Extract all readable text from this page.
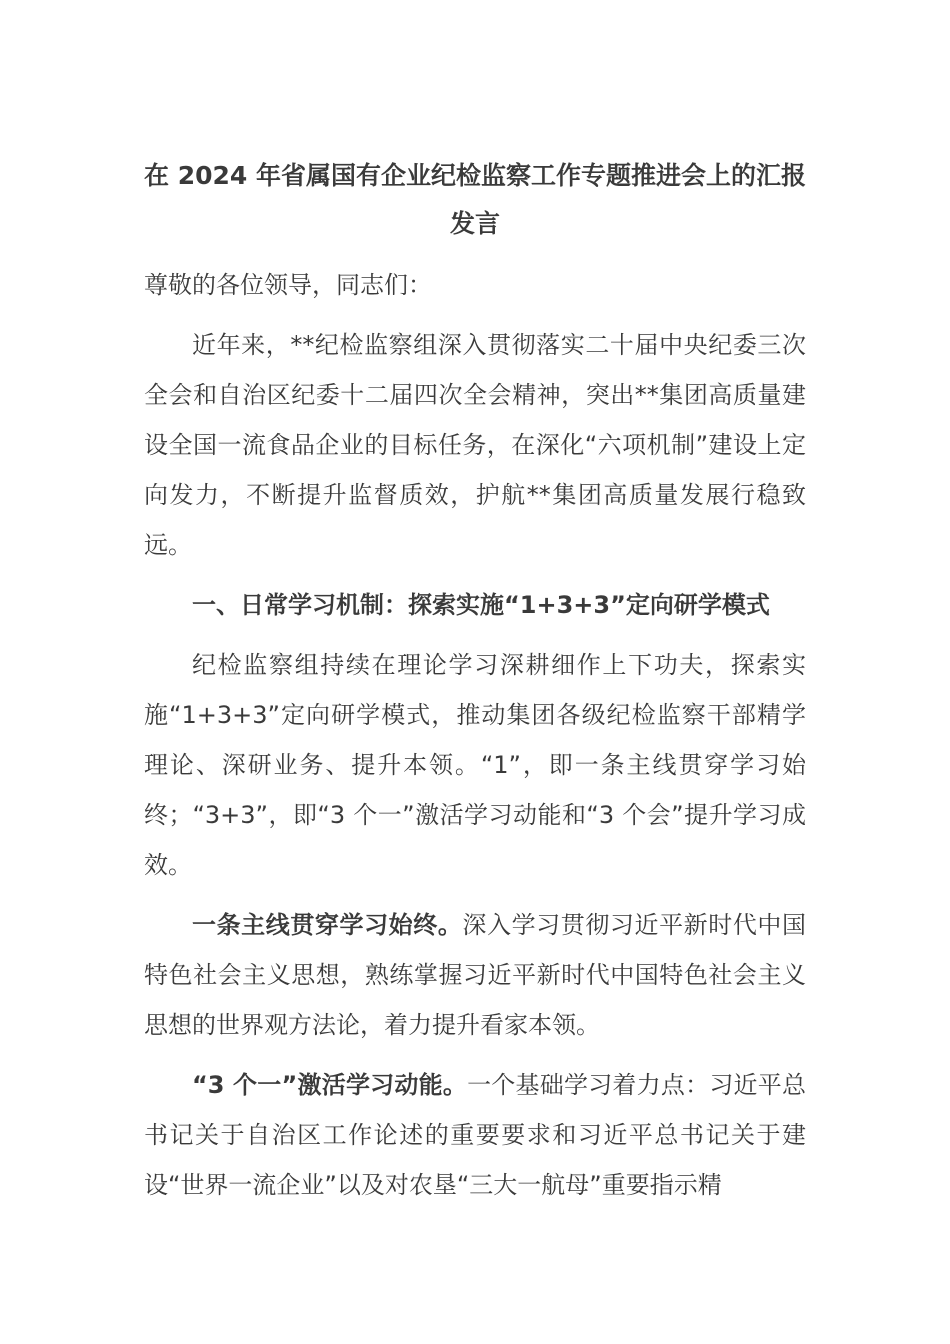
在 2024 年省属国有企业纪检监察工作专题推进会上的汇报发言
尊敬的各位领导，同志们：

近年来，**纪检监察组深入贯彻落实二十届中央纪委三次全会和自治区纪委十二届四次全会精神，突出**集团高质量建设全国一流食品企业的目标任务，在深化“六项机制”建设上定向发力，不断提升监督质效，护航**集团高质量发展行稳致远。

一、日常学习机制：探索实施“1+3+3”定向研学模式

纪检监察组持续在理论学习深耕细作上下功夫，探索实施“1+3+3”定向研学模式，推动集团各级纪检监察干部精学理论、深研业务、提升本领。“1”，即一条主线贯穿学习始终；“3+3”，即“3 个一”激活学习动能和“3 个会”提升学习成效。

一条主线贯穿学习始终。深入学习贯彻习近平新时代中国特色社会主义思想，熟练掌握习近平新时代中国特色社会主义思想的世界观方法论，着力提升看家本领。

“3 个一”激活学习动能。一个基础学习着力点：习近平总书记关于自治区工作论述的重要要求和习近平总书记关于建设“世界一流企业”以及对农垦“三大一航母”重要指示精
